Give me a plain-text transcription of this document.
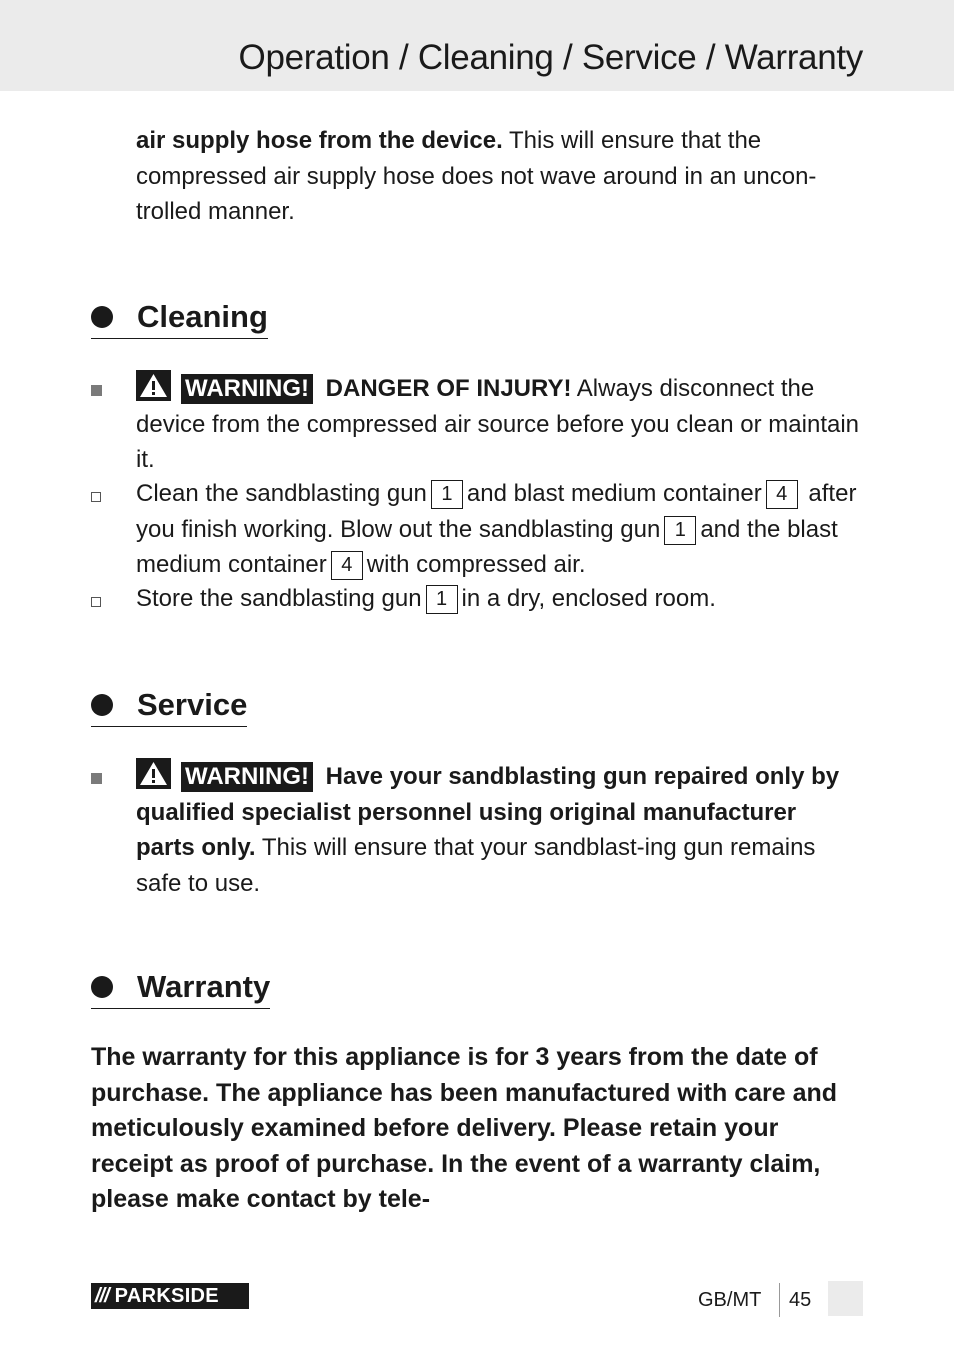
Operation / Cleaning / Service / Warranty
air supply hose from the device. This will ensure that the compressed air supply hose does not wave around in an uncon-trolled manner.
Cleaning
WARNING! DANGER OF INJURY! Always disconnect the device from the compressed air source before you clean or maintain it.
Clean the sandblasting gun 1 and blast medium container 4 after you finish working. Blow out the sandblasting gun 1 and the blast medium container 4 with compressed air.
Store the sandblasting gun 1 in a dry, enclosed room.
Service
WARNING! Have your sandblasting gun repaired only by qualified specialist personnel using original manufacturer parts only. This will ensure that your sandblast-ing gun remains safe to use.
Warranty
The warranty for this appliance is for 3 years from the date of purchase. The appliance has been manufactured with care and meticulously examined before delivery. Please retain your receipt as proof of purchase. In the event of a warranty claim, please make contact by tele-
/// PARKSIDE	GB/MT 45
